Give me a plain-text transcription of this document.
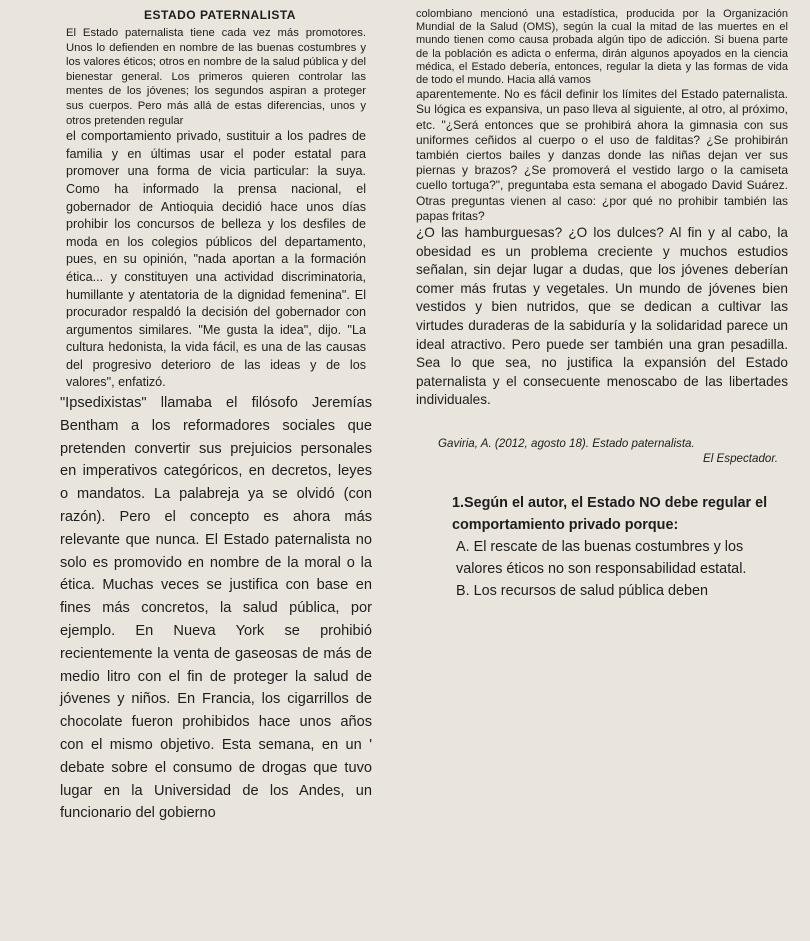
ESTADO PATERNALISTA

El Estado paternalista tiene cada vez más promotores. Unos lo defienden en nombre de las buenas costumbres y los valores éticos; otros en nombre de la salud pública y del bienestar general. Los primeros quieren controlar las mentes de los jóvenes; los segundos aspiran a proteger sus cuerpos. Pero más allá de estas diferencias, unos y otros pretenden regular

el comportamiento privado, sustituir a los padres de familia y en últimas usar el poder estatal para promover una forma de vicia particular: la suya. Como ha informado la prensa nacional, el gobernador de Antioquia decidió hace unos días prohibir los concursos de belleza y los desfiles de moda en los colegios públicos del departamento, pues, en su opinión, "nada aportan a la formación ética... y constituyen una actividad discriminatoria, humillante y atentatoria de la dignidad femenina". El procurador respaldó la decisión del gobernador con argumentos similares. "Me gusta la idea", dijo. "La cultura hedonista, la vida fácil, es una de las causas del progresivo deterioro de las ideas y de los valores", enfatizó.

"Ipsedixistas" llamaba el filósofo Jeremías Bentham a los reformadores sociales que pretenden convertir sus prejuicios personales en imperativos categóricos, en decretos, leyes o mandatos. La palabreja ya se olvidó (con razón). Pero el concepto es ahora más relevante que nunca. El Estado paternalista no solo es promovido en nombre de la moral o la ética. Muchas veces se justifica con base en fines más concretos, la salud pública, por ejemplo. En Nueva York se prohibió recientemente la venta de gaseosas de más de medio litro con el fin de proteger la salud de jóvenes y niños. En Francia, los cigarrillos de chocolate fueron prohibidos hace unos años con el mismo objetivo. Esta semana, en un ' debate sobre el consumo de drogas que tuvo lugar en la Universidad de los Andes, un funcionario del gobierno

colombiano mencionó una estadística, producida por la Organización Mundial de la Salud (OMS), según la cual la mitad de las muertes en el mundo tienen como causa probada algún tipo de adicción. Si buena parte de la población es adicta o enferma, dirán algunos apoyados en la ciencia médica, el Estado debería, entonces, regular la dieta y las formas de vida de todo el mundo. Hacia allá vamos

aparentemente. No es fácil definir los límites del Estado paternalista. Su lógica es expansiva, un paso lleva al siguiente, al otro, al próximo, etc. "¿Será entonces que se prohibirá ahora la gimnasia con sus uniformes ceñidos al cuerpo o el uso de falditas? ¿Se prohibirán también ciertos bailes y danzas donde las niñas dejan ver sus piernas y brazos? ¿Se promoverá el vestido largo o la camiseta cuello tortuga?", preguntaba esta semana el abogado David Suárez. Otras preguntas vienen al caso: ¿por qué no prohibir también las papas fritas?

¿O las hamburguesas? ¿O los dulces? Al fin y al cabo, la obesidad es un problema creciente y muchos estudios señalan, sin dejar lugar a dudas, que los jóvenes deberían comer más frutas y vegetales. Un mundo de jóvenes bien vestidos y bien nutridos, que se dedican a cultivar las virtudes duraderas de la sabiduría y la solidaridad parece un ideal atractivo. Pero puede ser también una gran pesadilla. Sea lo que sea, no justifica la expansión del Estado paternalista y el consecuente menoscabo de las libertades individuales.

Gaviria, A. (2012, agosto 18). Estado paternalista.
El Espectador.
1.Según el autor, el Estado NO debe regular el comportamiento privado porque:
A. El rescate de las buenas costumbres y los valores éticos no son responsabilidad estatal.
B. Los recursos de salud pública deben
